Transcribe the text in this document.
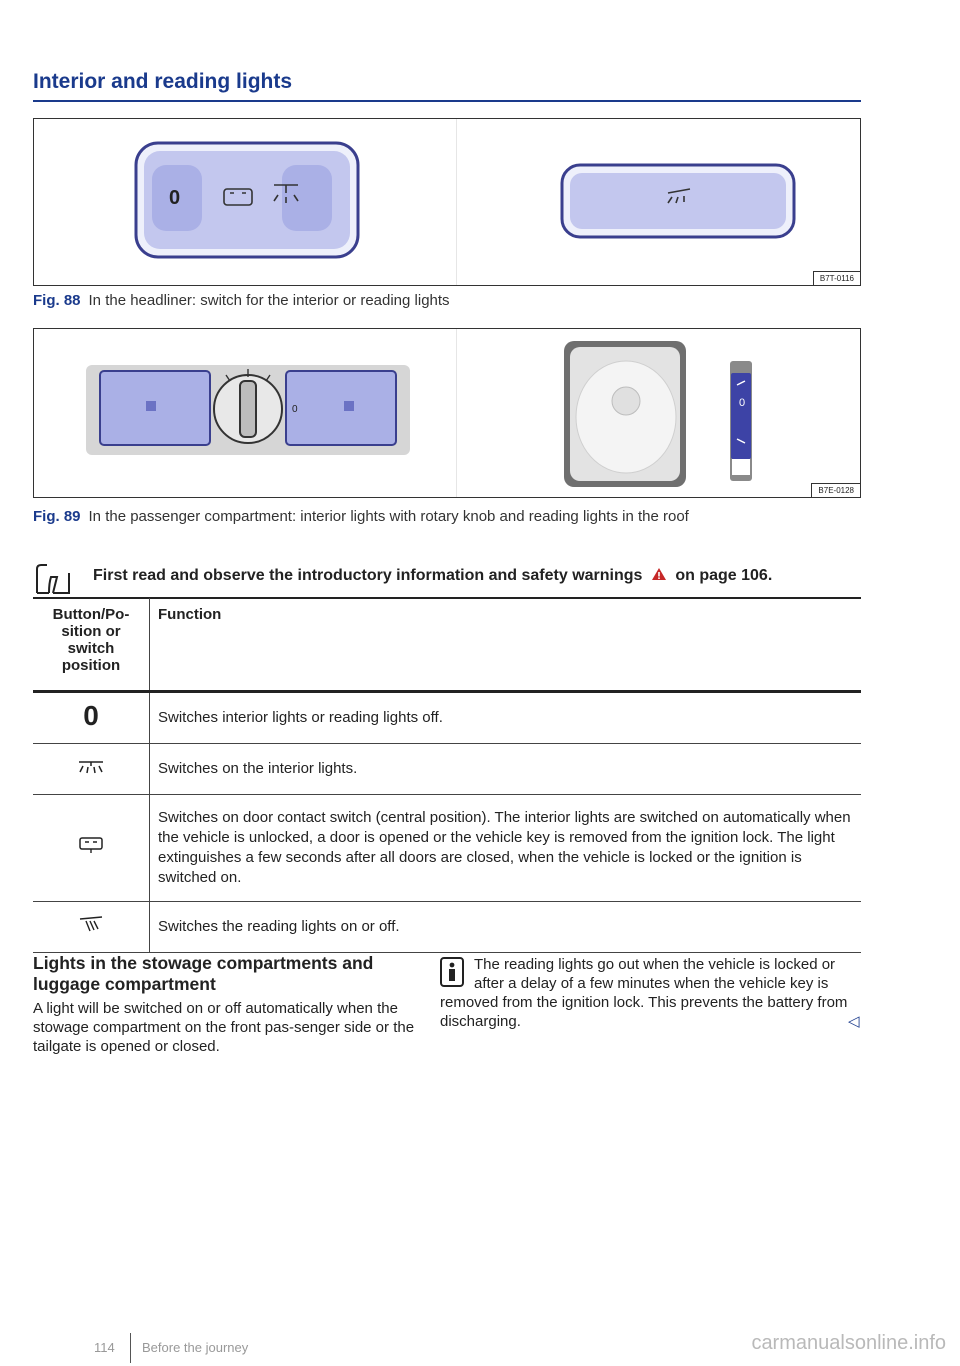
Interior and reading lights
0
B7T-0116
Fig. 88 In the headliner: switch for the interior or reading lights
0
0
B7E-0128
Fig. 89 In the passenger compartment: interior lights with rotary knob and reading lights in the roof
First read and observe the introductory information and safety warnings on page 106.
Button/Po-sition or switch position	Function
0	Switches interior lights or reading lights off.
	Switches on the interior lights.
	Switches on door contact switch (central position). The interior lights are switched on automatically when the vehicle is unlocked, a door is opened or the vehicle key is removed from the ignition lock. The light extinguishes a few seconds after all doors are closed, when the vehicle is locked or the ignition is switched on.
	Switches the reading lights on or off.
Lights in the stowage compartments and luggage compartment
A light will be switched on or off automatically when the stowage compartment on the front pas-senger side or the tailgate is opened or closed.
The reading lights go out when the vehicle is locked or after a delay of a few minutes when the vehicle key is removed from the ignition lock. This prevents the battery from discharging.	◁
114 Before the journey	carmanualsonline.info
